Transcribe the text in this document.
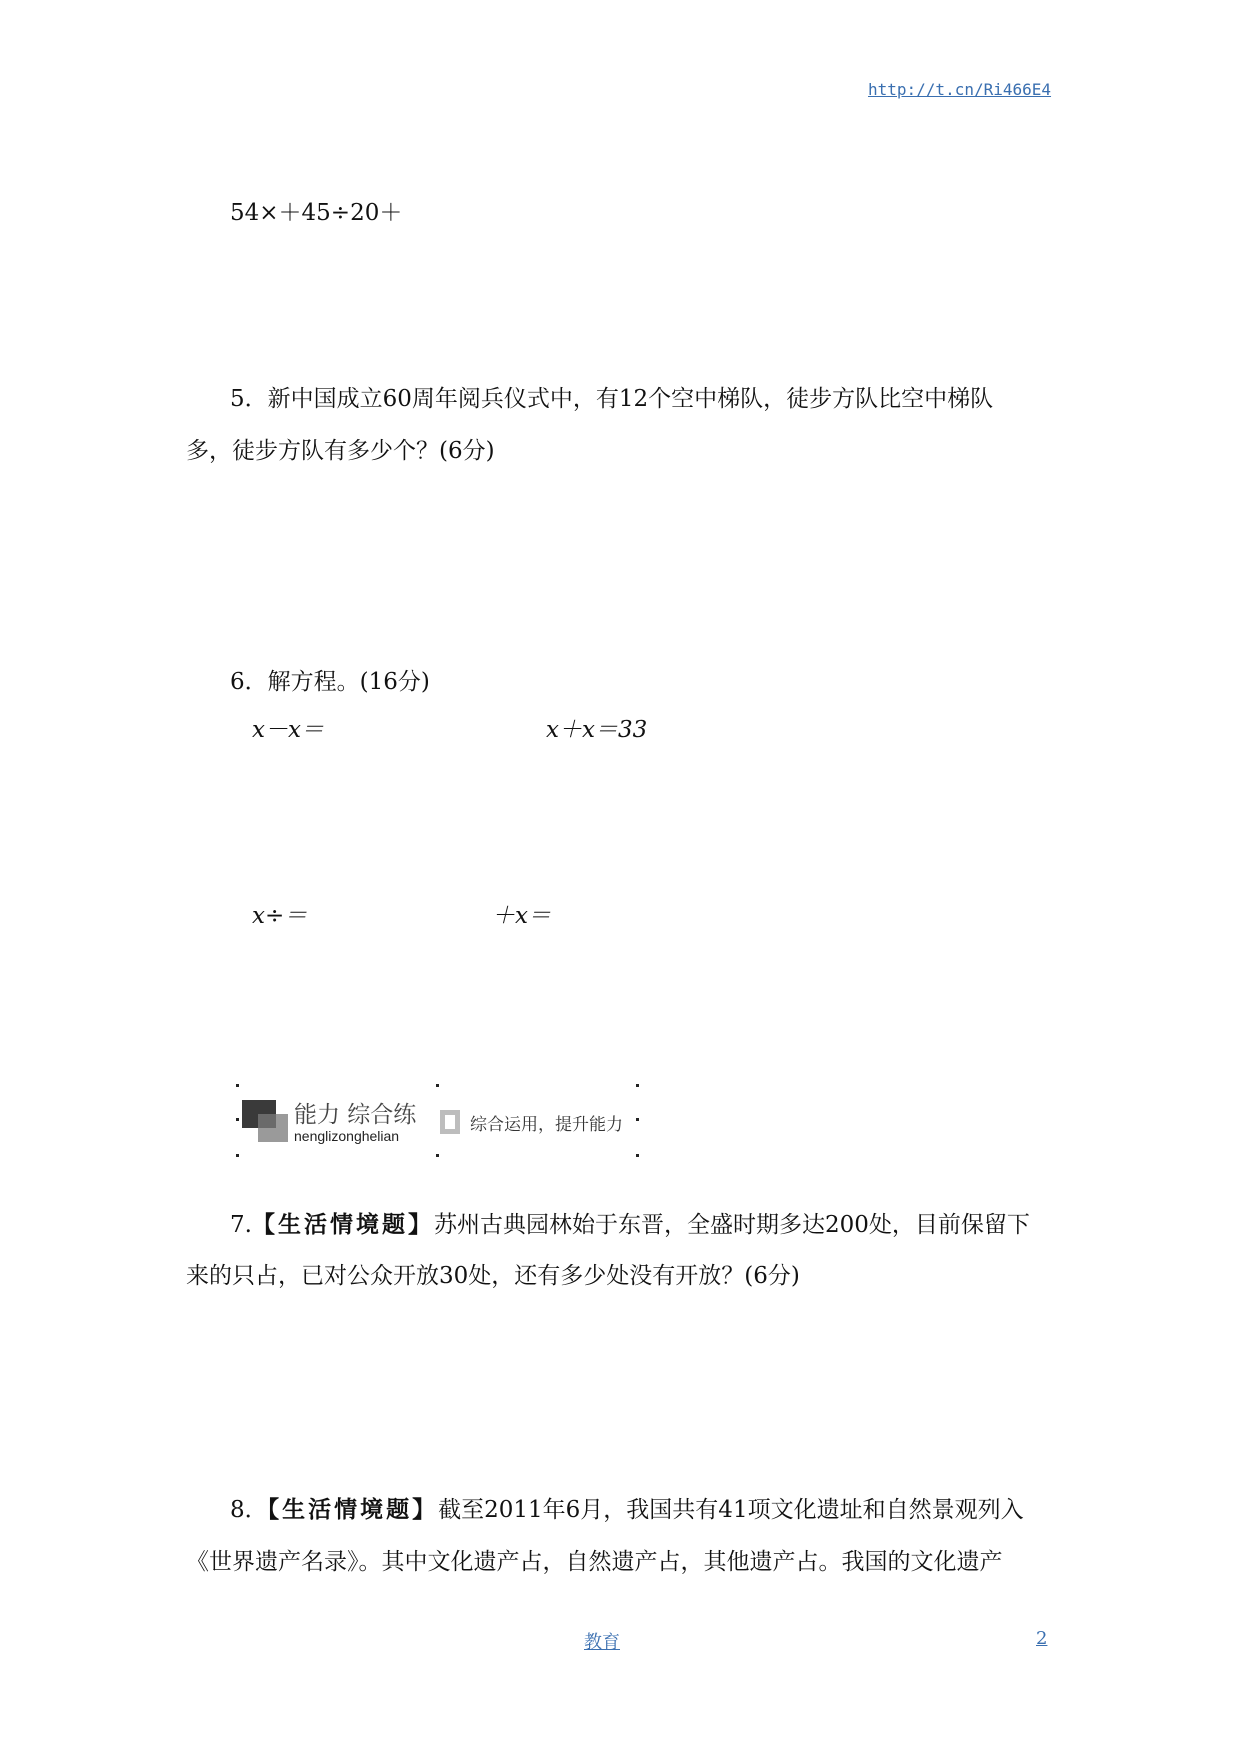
http://t.cn/Ri466E4
54×＋45÷20＋
5．新中国成立60周年阅兵仪式中，有12个空中梯队，徒步方队比空中梯队
多，徒步方队有多少个？(6分)
6．解方程。(16分)
x－x＝	x＋x＝33
x÷＝	＋x＝
能力 综合练
nenglizonghelian
综合运用，提升能力
7.【生活情境题】苏州古典园林始于东晋，全盛时期多达200处，目前保留下
来的只占，已对公众开放30处，还有多少处没有开放？(6分)
8．【生活情境题】截至2011年6月，我国共有41项文化遗址和自然景观列入
《世界遗产名录》。其中文化遗产占，自然遗产占，其他遗产占。我国的文化遗产
教育	2
